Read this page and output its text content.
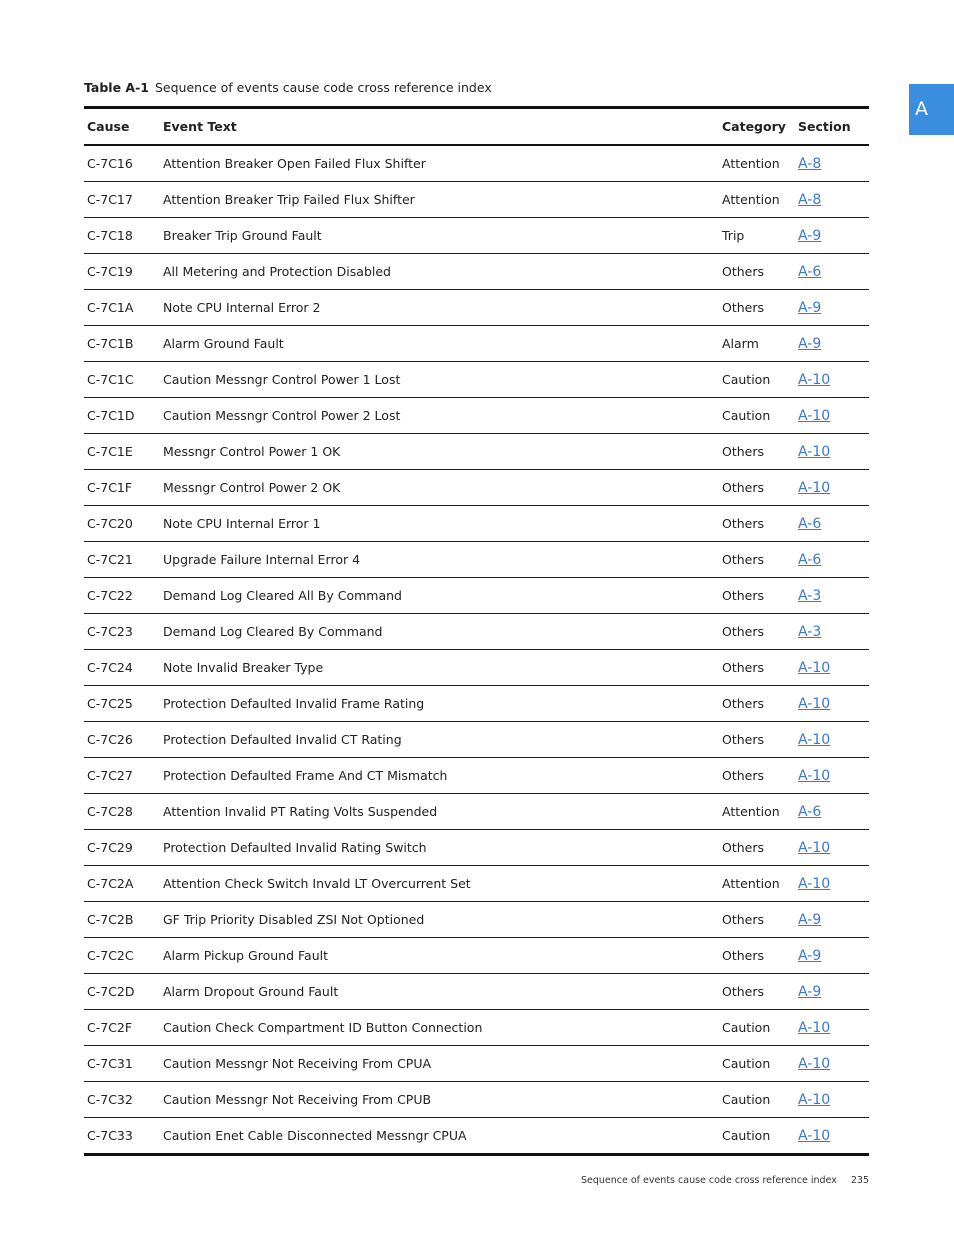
Table A-1 Sequence of events cause code cross reference index
A
Cause	Event Text	Category Section
C-7C16 Attention Breaker Open Failed Flux Shifter	Attention A-8
C-7C17 Attention Breaker Trip Failed Flux Shifter	Attention A-8
C-7C18 Breaker Trip Ground Fault	Trip	A-9
C-7C19 All Metering and Protection Disabled	Others A-6
C-7C1A Note CPU Internal Error 2	Others A-9
C-7C1B Alarm Ground Fault	Alarm	A-9
C-7C1C Caution Messngr Control Power 1 Lost	Caution A-10
C-7C1D Caution Messngr Control Power 2 Lost	Caution A-10
C-7C1E Messngr Control Power 1 OK	Others A-10
C-7C1F Messngr Control Power 2 OK	Others A-10
C-7C20 Note CPU Internal Error 1	Others A-6
C-7C21 Upgrade Failure Internal Error 4	Others A-6
C-7C22 Demand Log Cleared All By Command	Others A-3
C-7C23 Demand Log Cleared By Command	Others A-3
C-7C24 Note Invalid Breaker Type	Others A-10
C-7C25 Protection Defaulted Invalid Frame Rating	Others A-10
C-7C26 Protection Defaulted Invalid CT Rating	Others A-10
C-7C27 Protection Defaulted Frame And CT Mismatch	Others A-10
C-7C28 Attention Invalid PT Rating Volts Suspended	Attention A-6
C-7C29 Protection Defaulted Invalid Rating Switch	Others A-10
C-7C2A Attention Check Switch Invald LT Overcurrent Set	Attention A-10
C-7C2B GF Trip Priority Disabled ZSI Not Optioned	Others A-9
C-7C2C Alarm Pickup Ground Fault	Others A-9
C-7C2D Alarm Dropout Ground Fault	Others A-9
C-7C2F Caution Check Compartment ID Button Connection	Caution A-10
C-7C31 Caution Messngr Not Receiving From CPUA	Caution A-10
C-7C32 Caution Messngr Not Receiving From CPUB	Caution A-10
C-7C33 Caution Enet Cable Disconnected Messngr CPUA	Caution A-10
Sequence of events cause code cross reference index 235
